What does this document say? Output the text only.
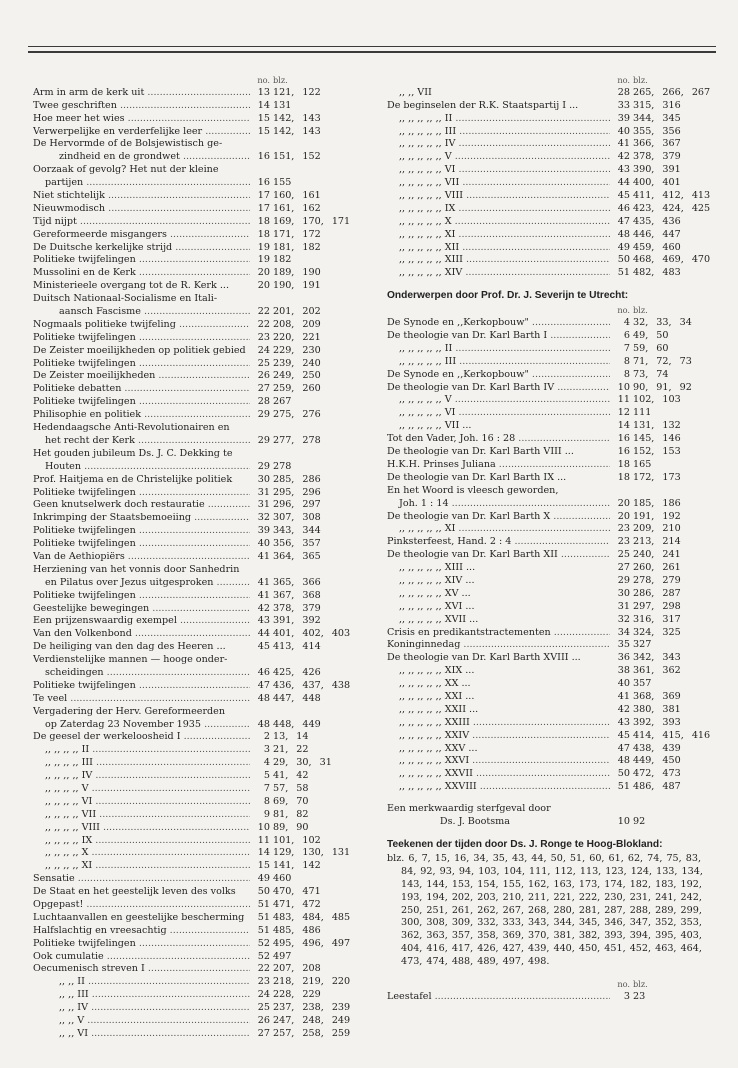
no. blz.
Arm in arm de kerk uit .....	13 121, 122
Twee geschriften .....	14 131
Hoe meer het wies .....	15 142, 143
Verwerpelijke en verderfelijke leer .....	15 142, 143
De Hervormde of de Bolsjewistisch ge-
zindheid en de grondwet .....	16 151, 152
Oorzaak of gevolg? Het nut der kleine
partijen .....	16 155
Niet stichtelijk .....	17 160, 161
Nieuwmodisch .....	17 161, 162
Tijd nijpt .....	18 169, 170, 171
Gereformeerde misgangers .....	18 171, 172
De Duitsche kerkelijke strijd .....	19 181, 182
Politieke twijfelingen .....	19 182
Mussolini en de Kerk .....	20 189, 190
Ministerieele overgang tot de R. Kerk ...	20 190, 191
Duitsch Nationaal-Socialisme en Itali-
aansch Fascisme .....	22 201, 202
Nogmaals politieke twijfeling .....	22 208, 209
Politieke twijfelingen .....	23 220, 221
De Zeister moeilijkheden op politiek gebied	24 229, 230
Politieke twijfelingen .....	25 239, 240
De Zeister moeilijkheden .....	26 249, 250
Politieke debatten .....	27 259, 260
Politieke twijfelingen .....	28 267
Philisophie en politiek .....	29 275, 276
Hedendaagsche Anti-Revolutionairen en
het recht der Kerk .....	29 277, 278
Het gouden jubileum Ds. J. C. Dekking te
Houten .....	29 278
Prof. Haitjema en de Christelijke politiek	30 285, 286
Politieke twijfelingen .....	31 295, 296
Geen knutselwerk doch restauratie .....	31 296, 297
Inkrimping der Staatsbemoeiing .....	32 307, 308
Politieke twijfelingen .....	39 343, 344
Politieke twijfelingen .....	40 356, 357
Van de Aethiopiërs .....	41 364, 365
Herziening van het vonnis door Sanhedrin
en Pilatus over Jezus uitgesproken .....	41 365, 366
Politieke twijfelingen .....	41 367, 368
Geestelijke bewegingen .....	42 378, 379
Een prijzenswaardig exempel .....	43 391, 392
Van den Volkenbond .....	44 401, 402, 403
De heiliging van den dag des Heeren ...	45 413, 414
Verdienstelijke mannen — hooge onder-
scheidingen .....	46 425, 426
Politieke twijfelingen .....	47 436, 437, 438
Te veel .....	48 447, 448
Vergadering der Herv. Gereformeerden
op Zaterdag 23 November 1935 .....	48 448, 449
De geesel der werkeloosheid I .....	2 13, 14
,, ,, ,, ,, II .....	3 21, 22
,, ,, ,, ,, III .....	4 29, 30, 31
,, ,, ,, ,, IV .....	5 41, 42
,, ,, ,, ,, V .....	7 57, 58
,, ,, ,, ,, VI .....	8 69, 70
,, ,, ,, ,, VII .....	9 81, 82
,, ,, ,, ,, VIII .....	10 89, 90
,, ,, ,, ,, IX .....	11 101, 102
,, ,, ,, ,, X .....	14 129, 130, 131
,, ,, ,, ,, XI .....	15 141, 142
Sensatie .....	49 460
De Staat en het geestelijk leven des volks	50 470, 471
Opgepast! .....	51 471, 472
Luchtaanvallen en geestelijke bescherming	51 483, 484, 485
Halfslachtig en vreesachtig .....	51 485, 486
Politieke twijfelingen .....	52 495, 496, 497
Ook cumulatie .....	52 497
Oecumenisch streven I .....	22 207, 208
,, ,, II .....	23 218, 219, 220
,, ,, III .....	24 228, 229
,, ,, IV .....	25 237, 238, 239
,, ,, V .....	26 247, 248, 249
,, ,, VI .....	27 257, 258, 259
no. blz.
,, ,, VII	28 265, 266, 267
De beginselen der R.K. Staatspartij I ...	33 315, 316
,, ,, ,, ,, ,, II .....	39 344, 345
,, ,, ,, ,, ,, III .....	40 355, 356
,, ,, ,, ,, ,, IV .....	41 366, 367
,, ,, ,, ,, ,, V .....	42 378, 379
,, ,, ,, ,, ,, VI .....	43 390, 391
,, ,, ,, ,, ,, VII .....	44 400, 401
,, ,, ,, ,, ,, VIII .....	45 411, 412, 413
,, ,, ,, ,, ,, IX .....	46 423, 424, 425
,, ,, ,, ,, ,, X .....	47 435, 436
,, ,, ,, ,, ,, XI .....	48 446, 447
,, ,, ,, ,, ,, XII .....	49 459, 460
,, ,, ,, ,, ,, XIII .....	50 468, 469, 470
,, ,, ,, ,, ,, XIV .....	51 482, 483
Onderwerpen door Prof. Dr. J. Severijn te Utrecht:
no. blz.
De Synode en ,,Kerkopbouw" .....	4 32, 33, 34
De theologie van Dr. Karl Barth I .....	6 49, 50
,, ,, ,, ,, ,, II .....	7 59, 60
,, ,, ,, ,, ,, III .....	8 71, 72, 73
De Synode en ,,Kerkopbouw" .....	8 73, 74
De theologie van Dr. Karl Barth IV .....	10 90, 91, 92
,, ,, ,, ,, ,, V .....	11 102, 103
,, ,, ,, ,, ,, VI .....	12 111
,, ,, ,, ,, ,, VII ...	14 131, 132
Tot den Vader, Joh. 16 : 28 .....	16 145, 146
De theologie van Dr. Karl Barth VIII ...	16 152, 153
H.K.H. Prinses Juliana .....	18 165
De theologie van Dr. Karl Barth IX ...	18 172, 173
En het Woord is vleesch geworden,
Joh. 1 : 14 .....	20 185, 186
De theologie van Dr. Karl Barth X .....	20 191, 192
,, ,, ,, ,, ,, XI .....	23 209, 210
Pinksterfeest, Hand. 2 : 4 .....	23 213, 214
De theologie van Dr. Karl Barth XII .....	25 240, 241
,, ,, ,, ,, ,, XIII ...	27 260, 261
,, ,, ,, ,, ,, XIV ...	29 278, 279
,, ,, ,, ,, ,, XV ...	30 286, 287
,, ,, ,, ,, ,, XVI ...	31 297, 298
,, ,, ,, ,, ,, XVII ...	32 316, 317
Crisis en predikantstractementen .....	34 324, 325
Koninginnedag .....	35 327
De theologie van Dr. Karl Barth XVIII ...	36 342, 343
,, ,, ,, ,, ,, XIX ...	38 361, 362
,, ,, ,, ,, ,, XX ...	40 357
,, ,, ,, ,, ,, XXI ...	41 368, 369
,, ,, ,, ,, ,, XXII ...	42 380, 381
,, ,, ,, ,, ,, XXIII .....	43 392, 393
,, ,, ,, ,, ,, XXIV .....	45 414, 415, 416
,, ,, ,, ,, ,, XXV ...	47 438, 439
,, ,, ,, ,, ,, XXVI .....	48 449, 450
,, ,, ,, ,, ,, XXVII .....	50 472, 473
,, ,, ,, ,, ,, XXVIII .....	51 486, 487
Een merkwaardig sterfgeval door
Ds. J. Bootsma	10 92
Teekenen der tijden door Ds. J. Ronge te Hoog-Blokland:
blz. 6, 7, 15, 16, 34, 35, 43, 44, 50, 51, 60, 61, 62, 74, 75, 83, 84, 92, 93, 94, 103, 104, 111, 112, 113, 123, 124, 133, 134, 143, 144, 153, 154, 155, 162, 163, 173, 174, 182, 183, 192, 193, 194, 202, 203, 210, 211, 221, 222, 230, 231, 241, 242, 250, 251, 261, 262, 267, 268, 280, 281, 287, 288, 289, 299, 300, 308, 309, 332, 333, 343, 344, 345, 346, 347, 352, 353, 362, 363, 357, 358, 369, 370, 381, 382, 393, 394, 395, 403, 404, 416, 417, 426, 427, 439, 440, 450, 451, 452, 463, 464, 473, 474, 488, 489, 497, 498.
no. blz.
Leestafel .....	3 23
